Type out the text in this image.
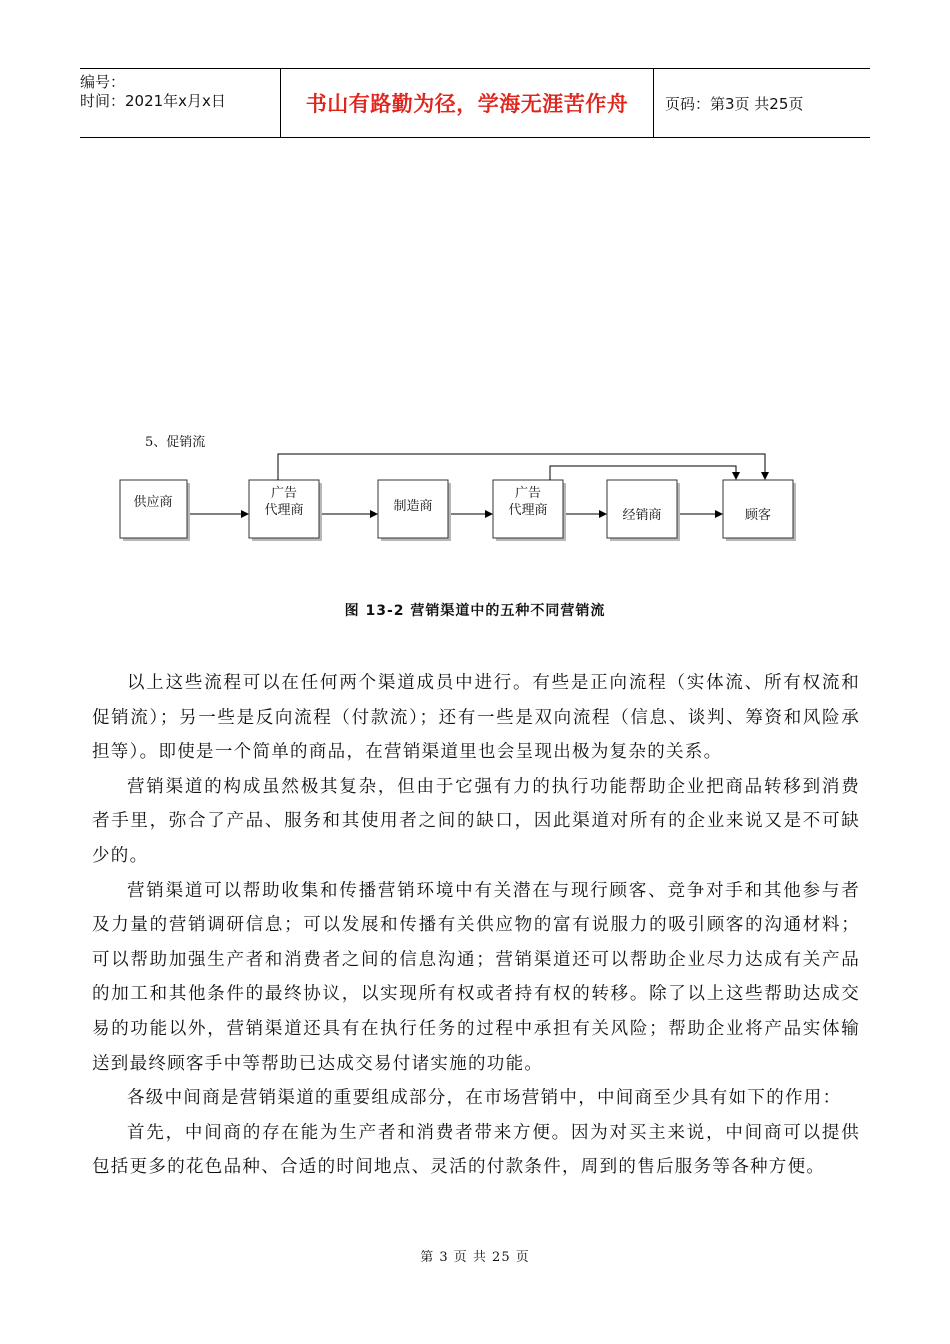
编号：
时间：2021年x月x日	书山有路勤为径，学海无涯苦作舟	页码：第3页 共25页
5、促销流
供应商
广告
代理商	制造商
广告
代理商	经销商	顾客
图 13-2 营销渠道中的五种不同营销流

以上这些流程可以在任何两个渠道成员中进行。有些是正向流程（实体流、所有权流和促销流）；另一些是反向流程（付款流）；还有一些是双向流程（信息、谈判、筹资和风险承担等）。即使是一个简单的商品，在营销渠道里也会呈现出极为复杂的关系。

营销渠道的构成虽然极其复杂，但由于它强有力的执行功能帮助企业把商品转移到消费者手里，弥合了产品、服务和其使用者之间的缺口，因此渠道对所有的企业来说又是不可缺少的。

营销渠道可以帮助收集和传播营销环境中有关潜在与现行顾客、竞争对手和其他参与者及力量的营销调研信息；可以发展和传播有关供应物的富有说服力的吸引顾客的沟通材料；可以帮助加强生产者和消费者之间的信息沟通；营销渠道还可以帮助企业尽力达成有关产品的加工和其他条件的最终协议，以实现所有权或者持有权的转移。除了以上这些帮助达成交易的功能以外，营销渠道还具有在执行任务的过程中承担有关风险；帮助企业将产品实体输送到最终顾客手中等帮助已达成交易付诸实施的功能。

各级中间商是营销渠道的重要组成部分，在市场营销中，中间商至少具有如下的作用：

首先，中间商的存在能为生产者和消费者带来方便。因为对买主来说，中间商可以提供包括更多的花色品种、合适的时间地点、灵活的付款条件，周到的售后服务等各种方便。

第 3 页 共 25 页
